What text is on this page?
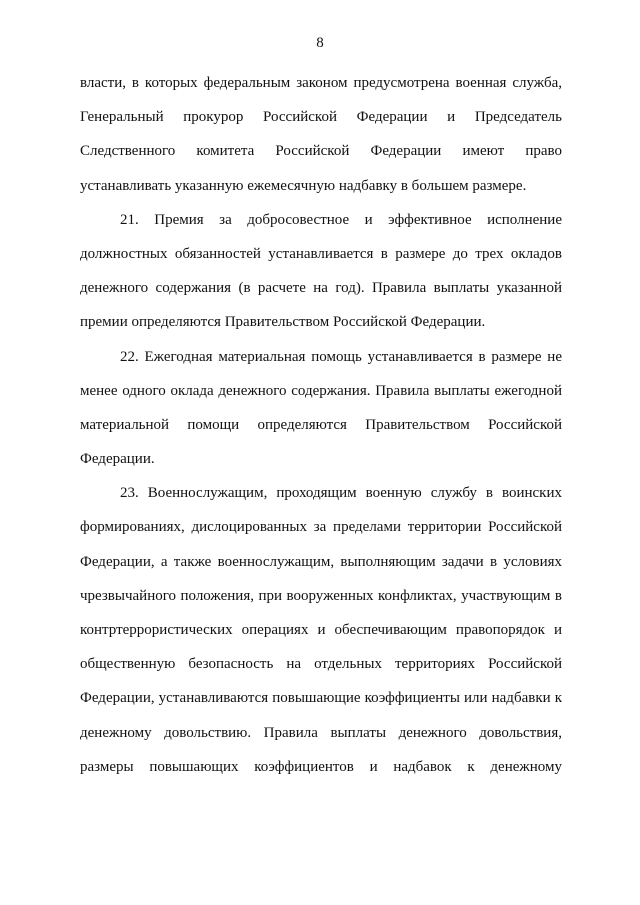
8

власти, в которых федеральным законом предусмотрена военная служба,
Генеральный прокурор Российской Федерации и Председатель
Следственного комитета Российской Федерации имеют право
устанавливать указанную ежемесячную надбавку в большем размере.

21. Премия за добросовестное и эффективное исполнение
должностных обязанностей устанавливается в размере до трех окладов
денежного содержания (в расчете на год). Правила выплаты указанной
премии определяются Правительством Российской Федерации.

22. Ежегодная материальная помощь устанавливается в размере не
менее одного оклада денежного содержания. Правила выплаты ежегодной
материальной помощи определяются Правительством Российской
Федерации.

23. Военнослужащим, проходящим военную службу в воинских
формированиях, дислоцированных за пределами территории Российской
Федерации, а также военнослужащим, выполняющим задачи в условиях
чрезвычайного положения, при вооруженных конфликтах, участвующим в
контртеррористических операциях и обеспечивающим правопорядок и
общественную безопасность на отдельных территориях Российской
Федерации, устанавливаются повышающие коэффициенты или надбавки к
денежному довольствию. Правила выплаты денежного довольствия,
размеры повышающих коэффициентов и надбавок к денежному
